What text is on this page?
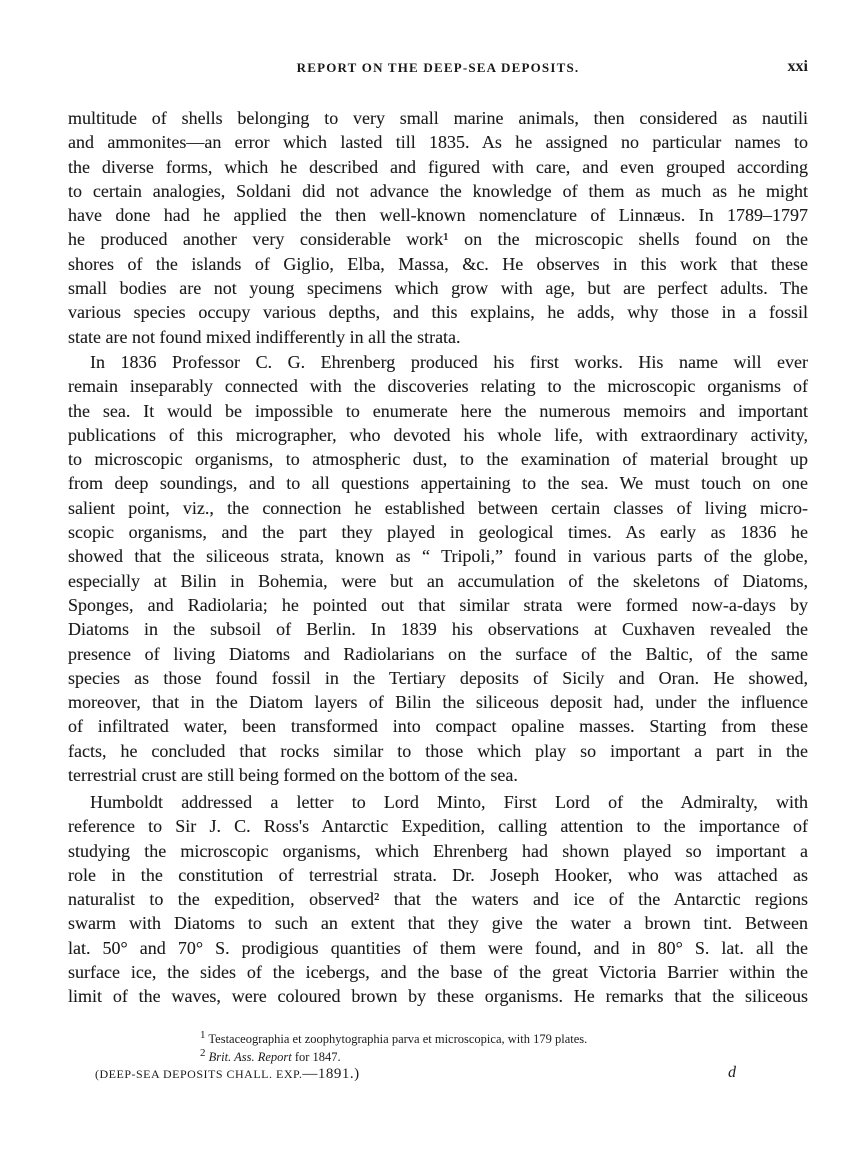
REPORT ON THE DEEP-SEA DEPOSITS.	xxi
multitude of shells belonging to very small marine animals, then considered as nautili
and ammonites—an error which lasted till 1835. As he assigned no particular names to
the diverse forms, which he described and figured with care, and even grouped according
to certain analogies, Soldani did not advance the knowledge of them as much as he might
have done had he applied the then well-known nomenclature of Linnæus. In 1789–1797
he produced another very considerable work¹ on the microscopic shells found on the
shores of the islands of Giglio, Elba, Massa, &c. He observes in this work that these
small bodies are not young specimens which grow with age, but are perfect adults. The
various species occupy various depths, and this explains, he adds, why those in a fossil
state are not found mixed indifferently in all the strata.
In 1836 Professor C. G. Ehrenberg produced his first works. His name will ever
remain inseparably connected with the discoveries relating to the microscopic organisms of
the sea. It would be impossible to enumerate here the numerous memoirs and important
publications of this micrographer, who devoted his whole life, with extraordinary activity,
to microscopic organisms, to atmospheric dust, to the examination of material brought up
from deep soundings, and to all questions appertaining to the sea. We must touch on one
salient point, viz., the connection he established between certain classes of living micro-
scopic organisms, and the part they played in geological times. As early as 1836 he
showed that the siliceous strata, known as “ Tripoli,” found in various parts of the globe,
especially at Bilin in Bohemia, were but an accumulation of the skeletons of Diatoms,
Sponges, and Radiolaria; he pointed out that similar strata were formed now-a-days by
Diatoms in the subsoil of Berlin. In 1839 his observations at Cuxhaven revealed the
presence of living Diatoms and Radiolarians on the surface of the Baltic, of the same
species as those found fossil in the Tertiary deposits of Sicily and Oran. He showed,
moreover, that in the Diatom layers of Bilin the siliceous deposit had, under the influence
of infiltrated water, been transformed into compact opaline masses. Starting from these
facts, he concluded that rocks similar to those which play so important a part in the
terrestrial crust are still being formed on the bottom of the sea.
Humboldt addressed a letter to Lord Minto, First Lord of the Admiralty, with
reference to Sir J. C. Ross's Antarctic Expedition, calling attention to the importance of
studying the microscopic organisms, which Ehrenberg had shown played so important a
role in the constitution of terrestrial strata. Dr. Joseph Hooker, who was attached as
naturalist to the expedition, observed² that the waters and ice of the Antarctic regions
swarm with Diatoms to such an extent that they give the water a brown tint. Between
lat. 50° and 70° S. prodigious quantities of them were found, and in 80° S. lat. all the
surface ice, the sides of the icebergs, and the base of the great Victoria Barrier within the
limit of the waves, were coloured brown by these organisms. He remarks that the siliceous
$^1$ Testaceographia et zoophytographia parva et microscopica, with 179 plates.
$^2$ Brit. Ass. Report for 1847.
(DEEP-SEA DEPOSITS CHALL. EXP.—1891.)	d
